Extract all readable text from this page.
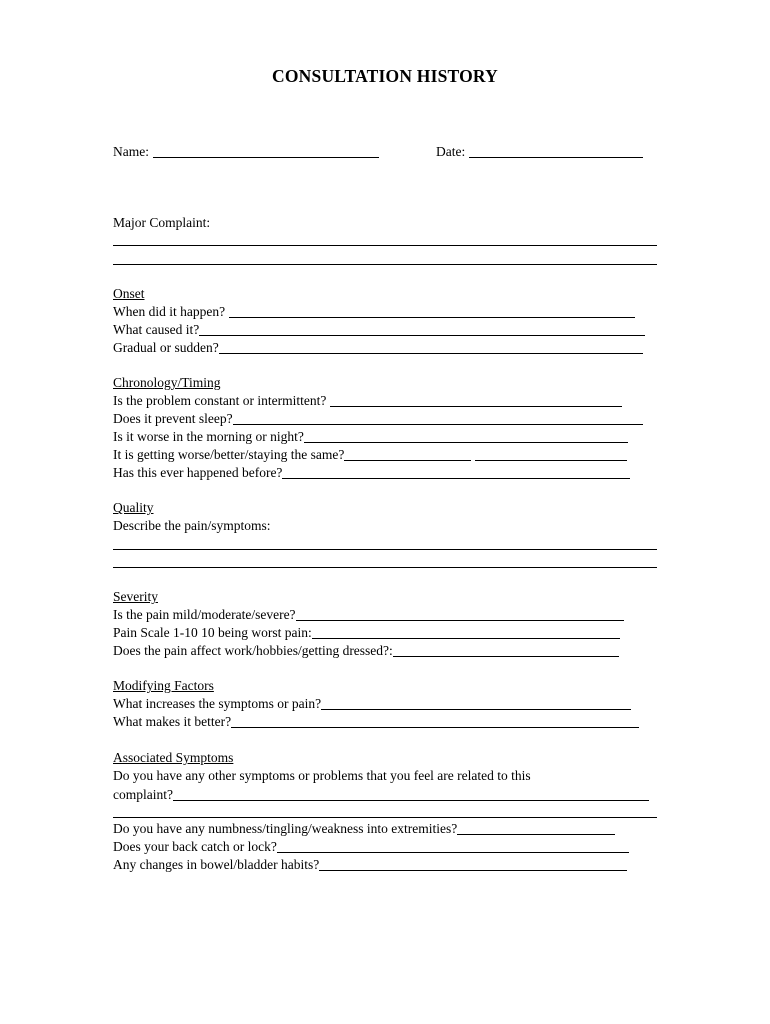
CONSULTATION HISTORY
Name:	Date:
Major Complaint:
Onset
When did it happen?
What caused it?
Gradual or sudden?
Chronology/Timing
Is the problem constant or intermittent?
Does it prevent sleep?
Is it worse in the morning or night?
It is getting worse/better/staying the same?
Has this ever happened before?
Quality
Describe the pain/symptoms:
Severity
Is the pain mild/moderate/severe?
Pain Scale 1-10 10 being worst pain:
Does the pain affect work/hobbies/getting dressed?:
Modifying Factors
What increases the symptoms or pain?
What makes it better?
Associated Symptoms
Do you have any other symptoms or problems that you feel are related to this
complaint?
Do you have any numbness/tingling/weakness into extremities?
Does your back catch or lock?
Any changes in bowel/bladder habits?
